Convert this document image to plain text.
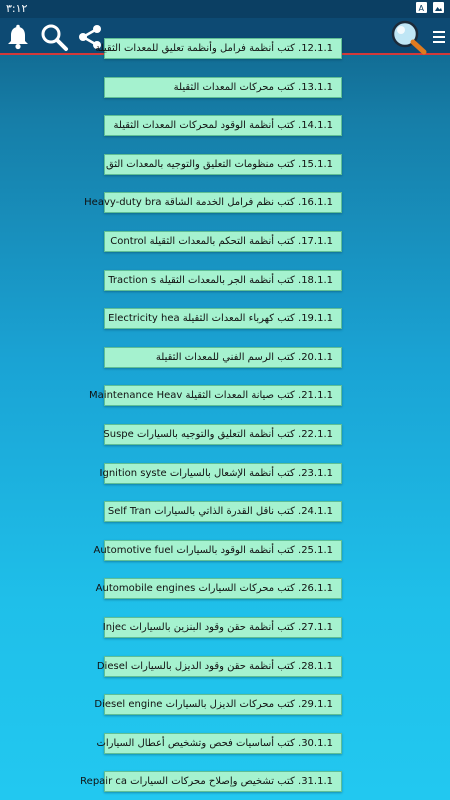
٣:١٢	A
12.1.1. كتب أنظمة فرامل وأنظمة تعليق للمعدات الثقيلة
13.1.1. كتب محركات المعدات الثقيلة
14.1.1. كتب أنظمة الوقود لمحركات المعدات الثقيلة
15.1.1. كتب منظومات التعليق والتوجيه بالمعدات الثق
16.1.1. كتب نظم فرامل الخدمة الشاقة Heavy-duty bra
17.1.1. كتب أنظمة التحكم بالمعدات الثقيلة Control
18.1.1. كتب أنظمة الجر بالمعدات الثقيلة Traction s
19.1.1. كتب كهرباء المعدات الثقيلة Electricity hea
20.1.1. كتب الرسم الفني للمعدات الثقيلة
21.1.1. كتب صيانة المعدات الثقيلة Maintenance Heav
22.1.1. كتب أنظمة التعليق والتوجيه بالسيارات Suspe
23.1.1. كتب أنظمة الإشعال بالسيارات Ignition syste
24.1.1. كتب ناقل القدرة الذاتي بالسيارات Self Tran
25.1.1. كتب أنظمة الوقود بالسيارات Automotive fuel
26.1.1. كتب محركات السيارات Automobile engines
27.1.1. كتب أنظمة حقن وقود البنزين بالسيارات Injec
28.1.1. كتب أنظمة حقن وقود الديزل بالسيارات Diesel
29.1.1. كتب محركات الديزل بالسيارات Diesel engine
30.1.1. كتب أساسيات فحص وتشخيص أعطال السيارات
31.1.1. كتب تشخيص وإصلاح محركات السيارات Repair ca
